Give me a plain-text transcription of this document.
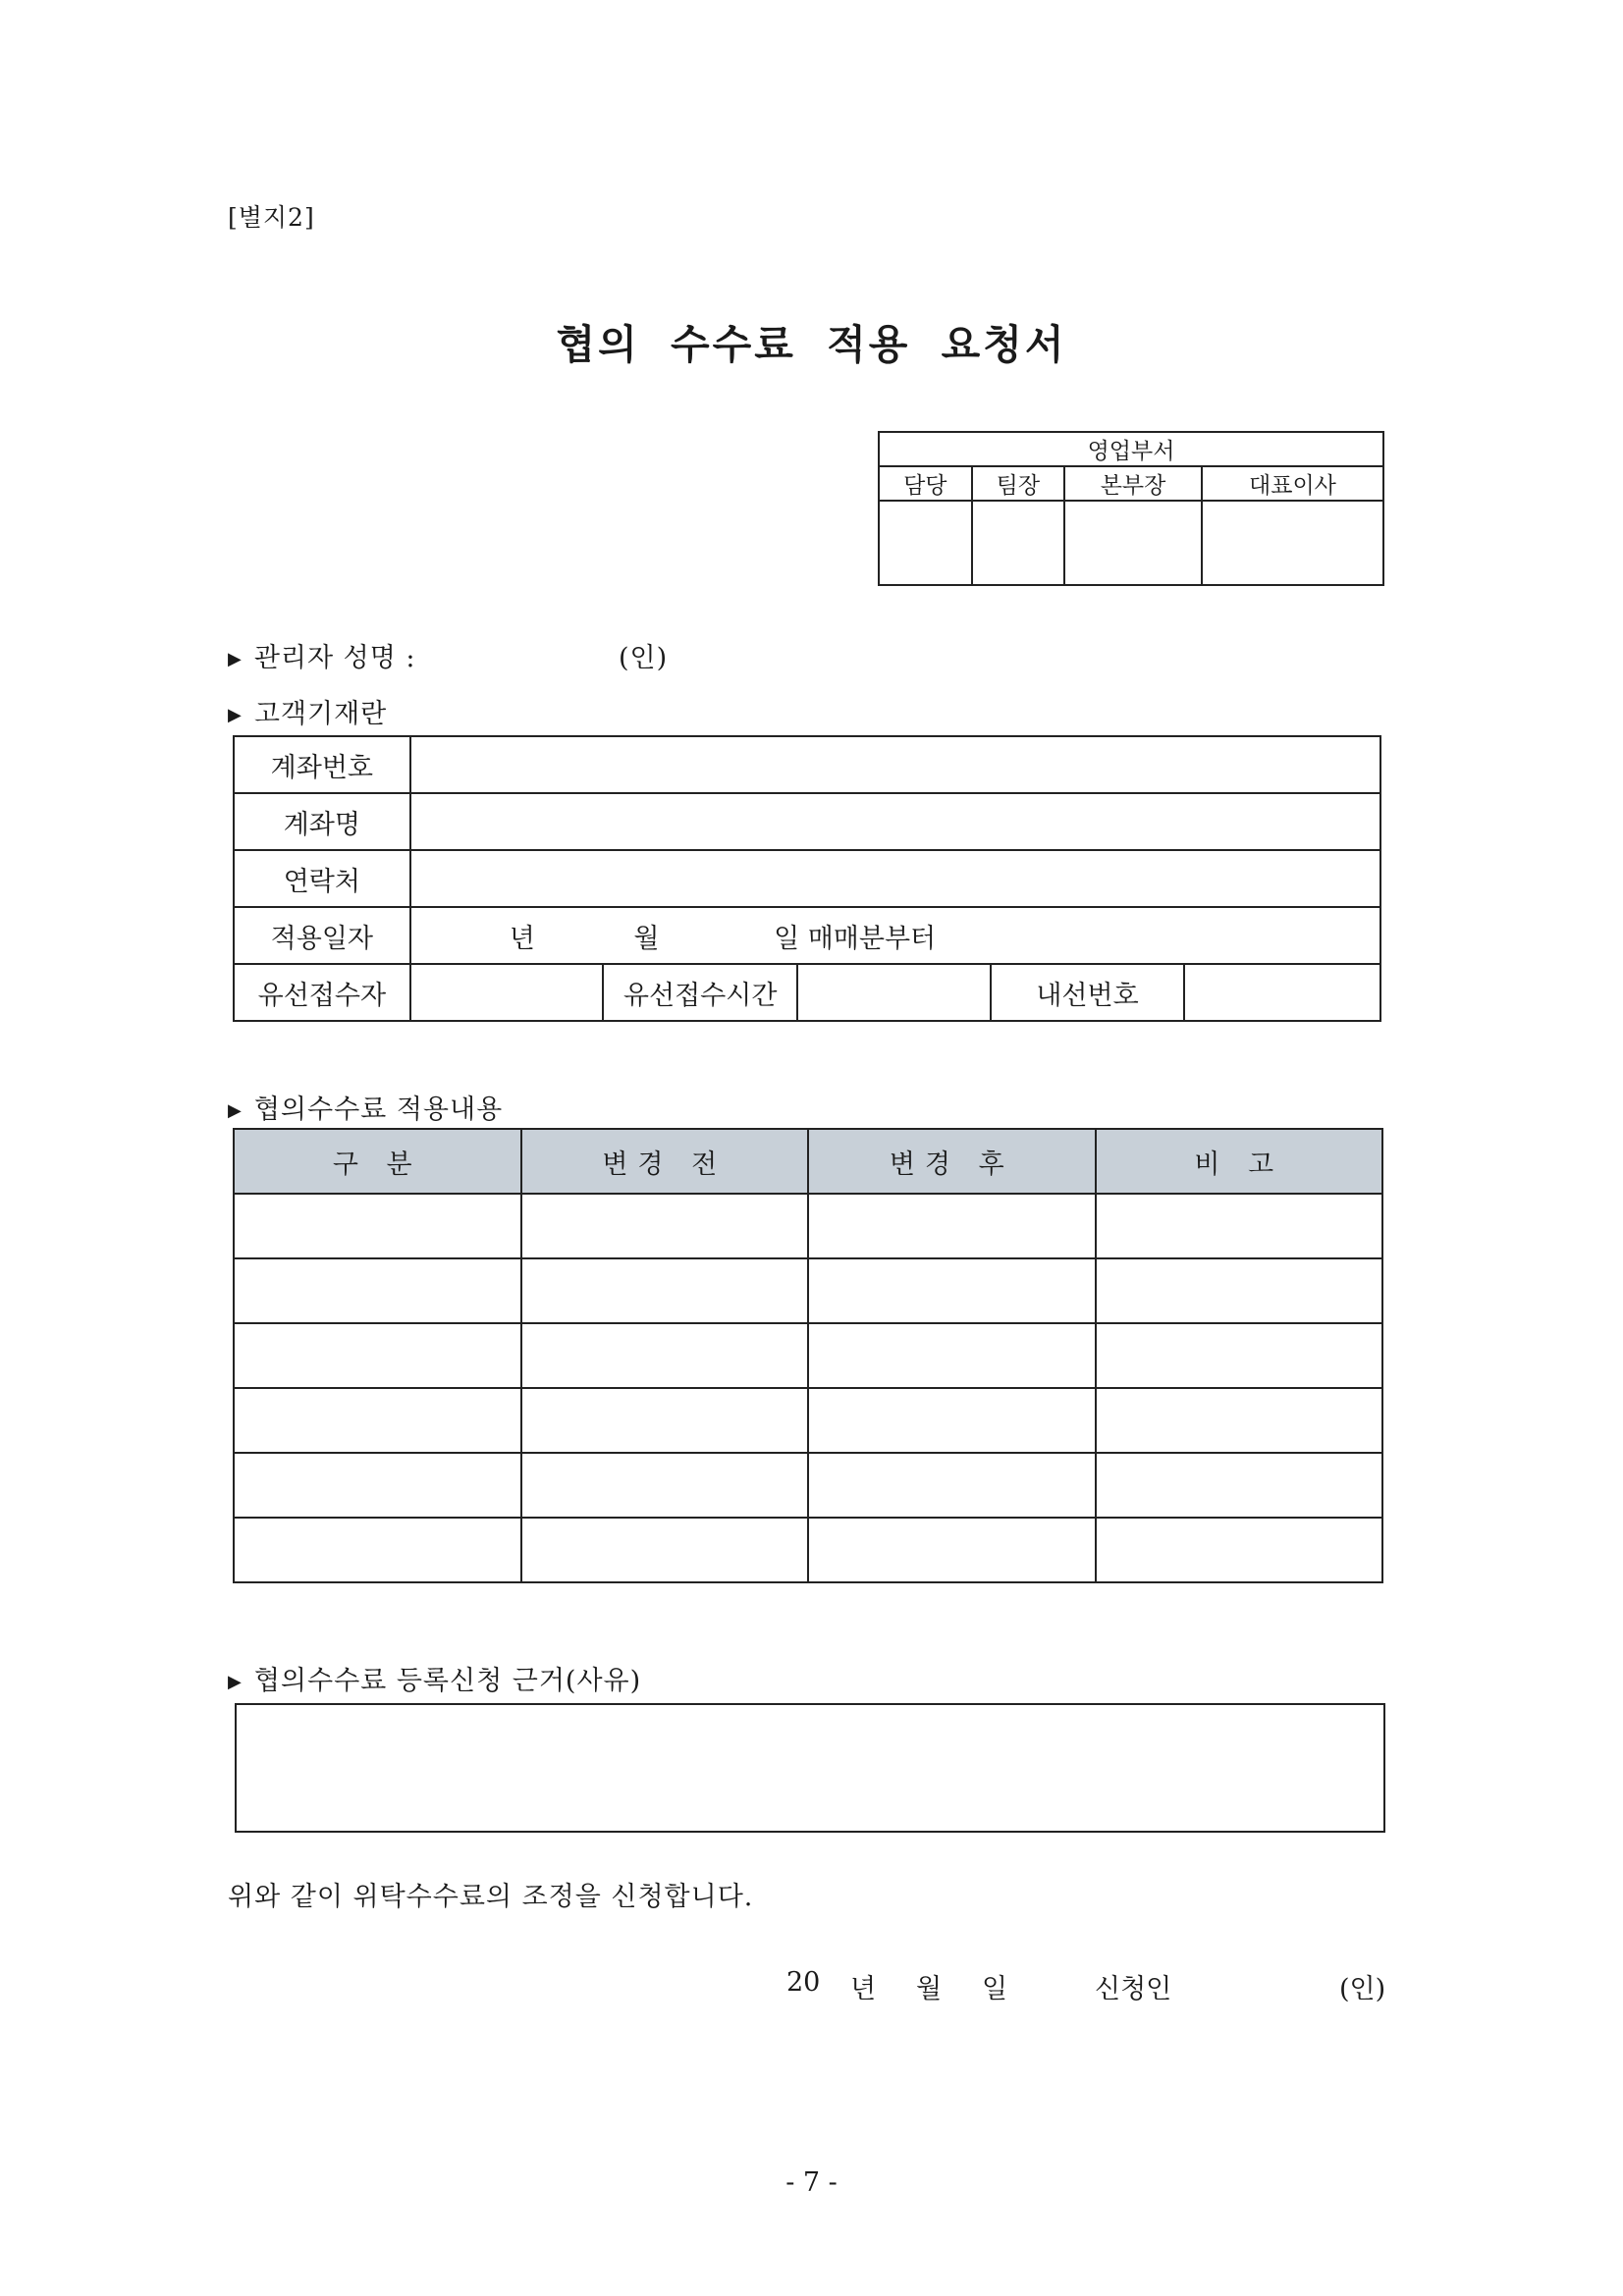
[별지2]
협의 수수료 적용 요청서
영업부서			
담당	팀장	본부장	대표이사

▶ 관리자 성명 :	(인)
▶ 고객기재란
계좌번호					
계좌명					
연락처					
적용일자	년 월 일 매매분부터				
유선접수자		유선접수시간		내선번호	
▶ 협의수수료 적용내용
구 분	변경 전	변경 후	비 고

▶ 협의수수료 등록신청 근거(사유)
위와 같이 위탁수수료의 조정을 신청합니다.
20 년 월 일	신청인	(인)
- 7 -
